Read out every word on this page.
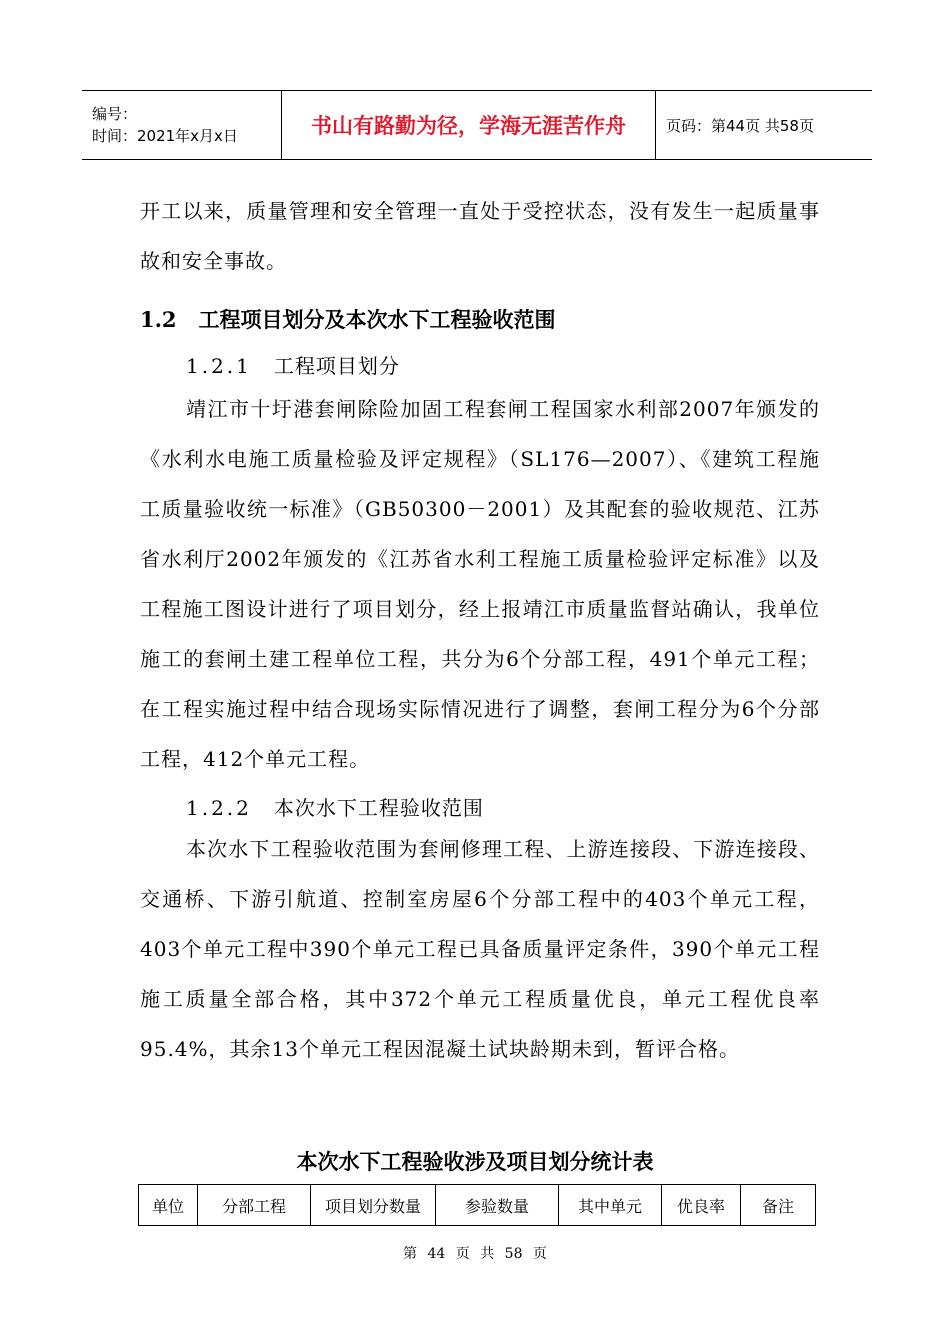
编号：
时间：2021年x月x日	书山有路勤为径，学海无涯苦作舟	页码：第44页 共58页
开工以来，质量管理和安全管理一直处于受控状态，没有发生一起质量事故和安全事故。
1.2 工程项目划分及本次水下工程验收范围
1.2.1 工程项目划分
靖江市十圩港套闸除险加固工程套闸工程国家水利部2007年颁发的《水利水电施工质量检验及评定规程》（SL176—2007）、《建筑工程施工质量验收统一标准》（GB50300－2001）及其配套的验收规范、江苏省水利厅2002年颁发的《江苏省水利工程施工质量检验评定标准》以及工程施工图设计进行了项目划分，经上报靖江市质量监督站确认，我单位施工的套闸土建工程单位工程，共分为6个分部工程，491个单元工程；在工程实施过程中结合现场实际情况进行了调整，套闸工程分为6个分部工程，412个单元工程。
1.2.2 本次水下工程验收范围
本次水下工程验收范围为套闸修理工程、上游连接段、下游连接段、交通桥、下游引航道、控制室房屋6个分部工程中的403个单元工程，403个单元工程中390个单元工程已具备质量评定条件，390个单元工程施工质量全部合格，其中372个单元工程质量优良，单元工程优良率95.4%，其余13个单元工程因混凝土试块龄期未到，暂评合格。
本次水下工程验收涉及项目划分统计表
单位	分部工程	项目划分数量	参验数量	其中单元	优良率	备注
第 44 页 共 58 页
